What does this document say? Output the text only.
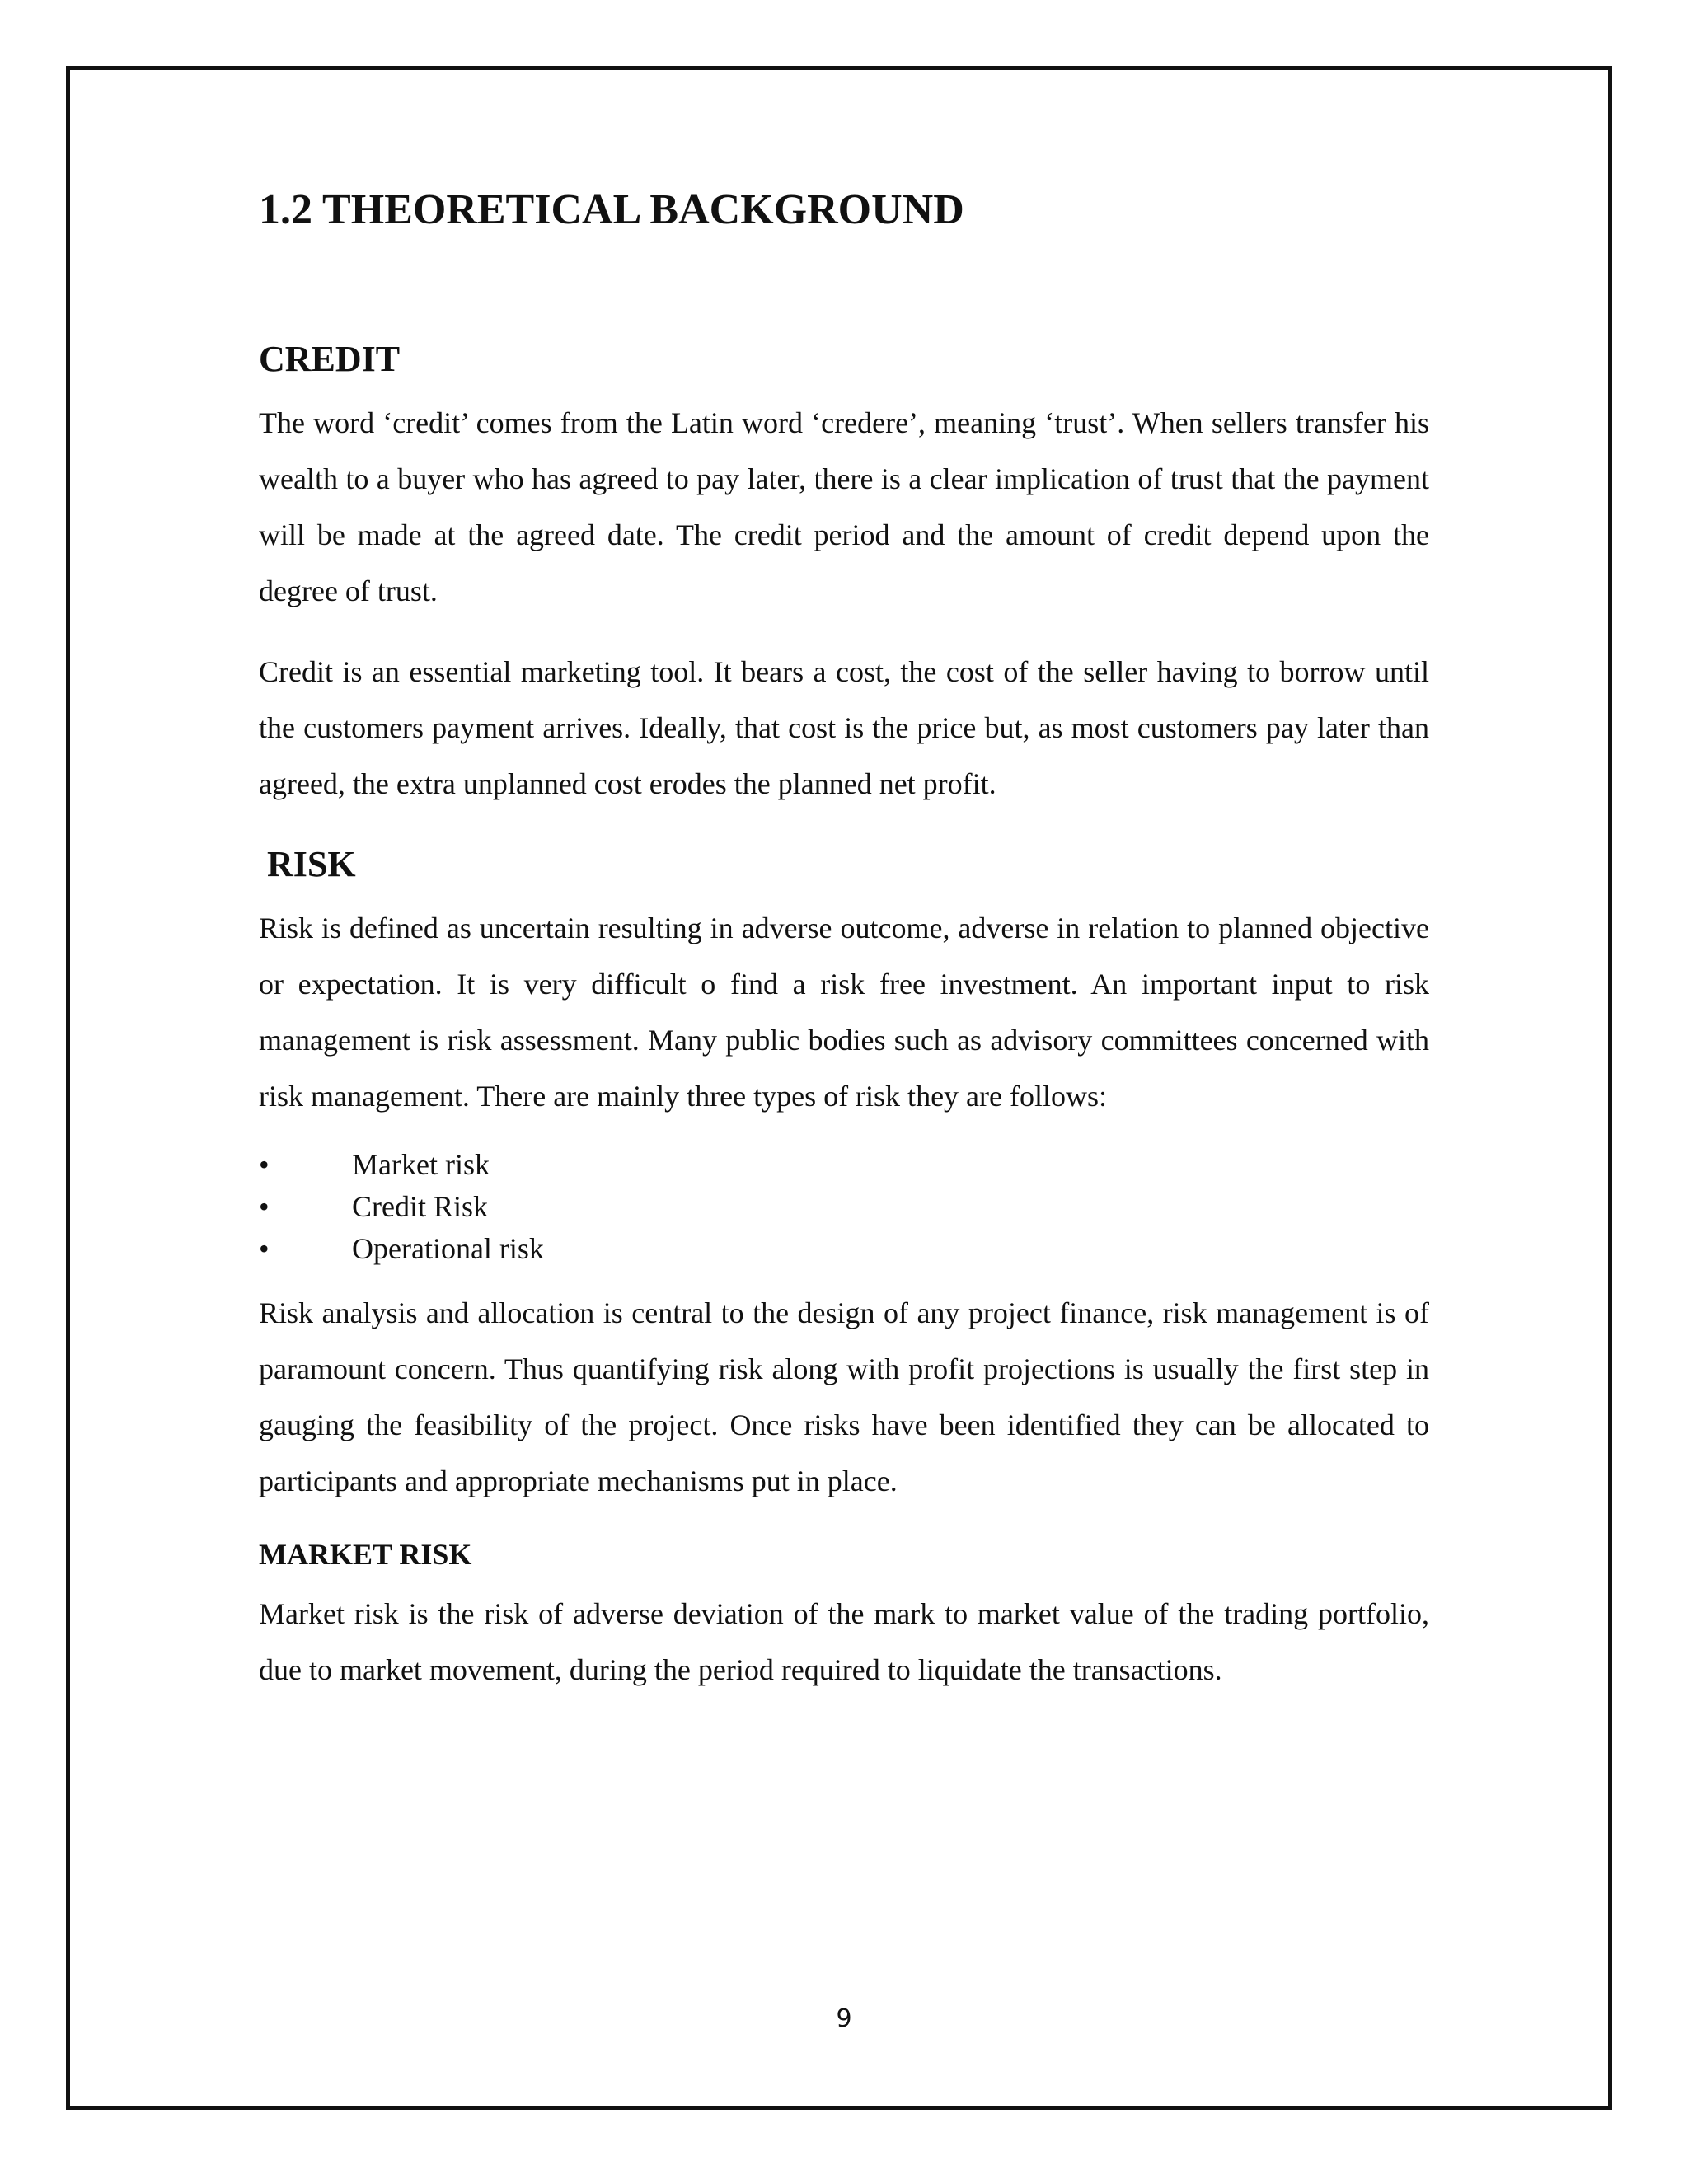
1.2 THEORETICAL BACKGROUND
CREDIT

The word ‘credit’ comes from the Latin word ‘credere’, meaning ‘trust’. When sellers transfer his wealth to a buyer who has agreed to pay later, there is a clear implication of trust that the payment will be made at the agreed date. The credit period and the amount of credit depend upon the degree of trust.

Credit is an essential marketing tool. It bears a cost, the cost of the seller having to borrow until the customers payment arrives. Ideally, that cost is the price but, as most customers pay later than agreed, the extra unplanned cost erodes the planned net profit.

RISK

Risk is defined as uncertain resulting in adverse outcome, adverse in relation to planned objective or expectation. It is very difficult o find a risk free investment. An important input to risk management is risk assessment. Many public bodies such as advisory committees concerned with risk management. There are mainly three types of risk they are follows:

•	Market risk
•	Credit Risk
•	Operational risk

Risk analysis and allocation is central to the design of any project finance, risk management is of paramount concern. Thus quantifying risk along with profit projections is usually the first step in gauging the feasibility of the project. Once risks have been identified they can be allocated to participants and appropriate mechanisms put in place.

MARKET RISK

Market risk is the risk of adverse deviation of the mark to market value of the trading portfolio, due to market movement, during the period required to liquidate the transactions.

9
